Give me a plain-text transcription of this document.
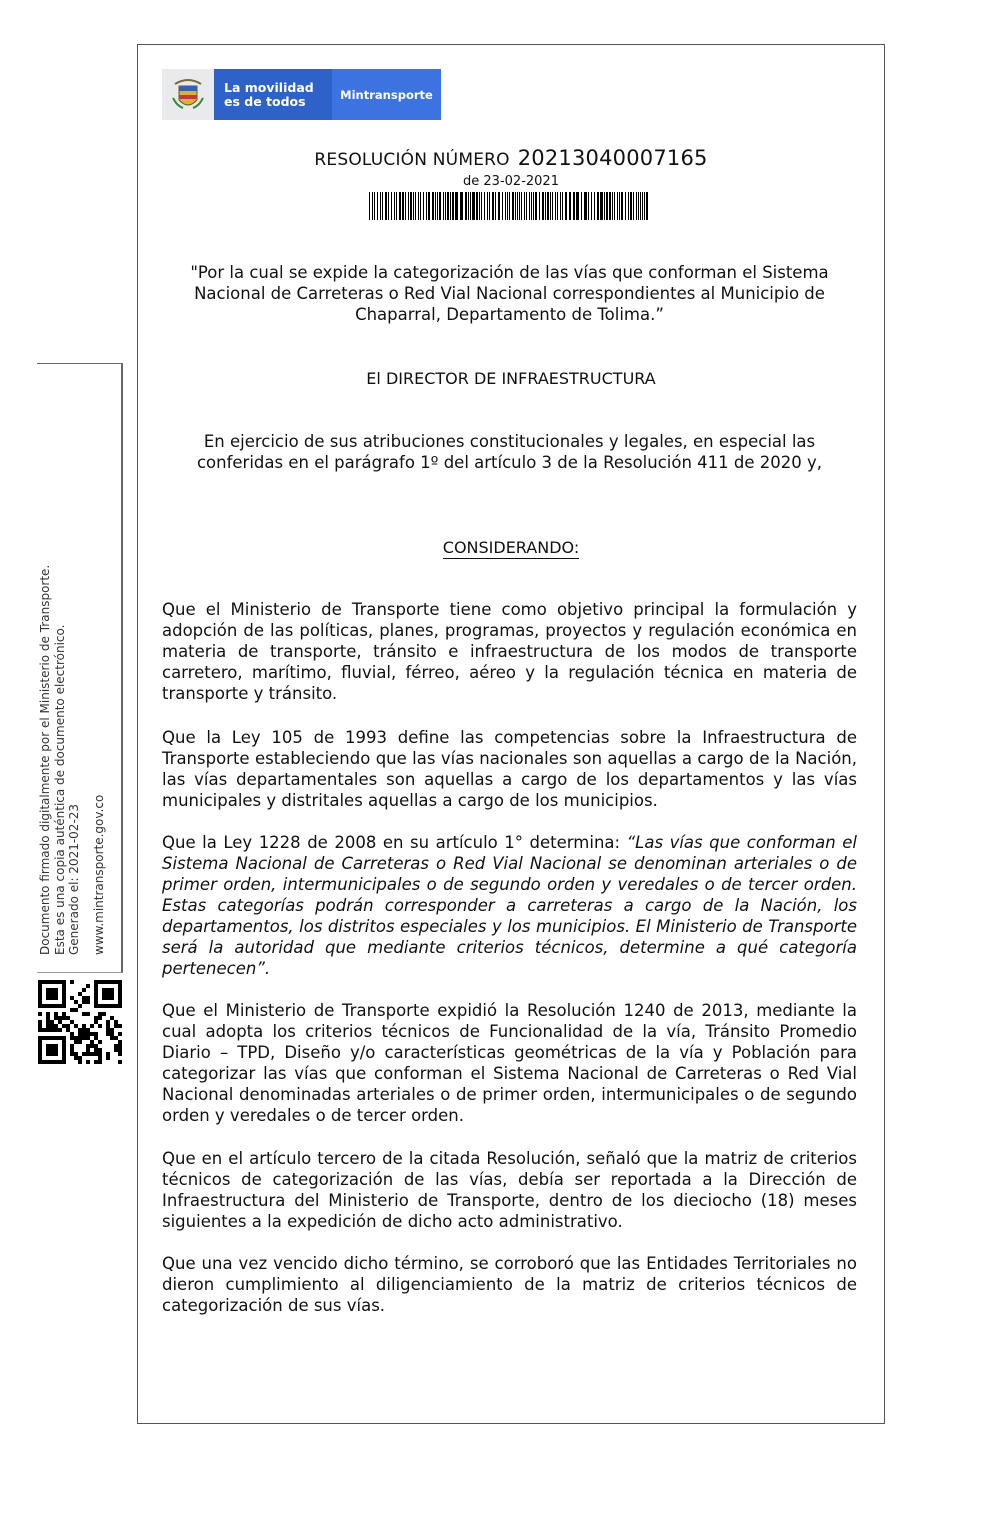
La movilidad
es de todos	Mintransporte
RESOLUCIÓN NÚMERO 20213040007165
de 23-02-2021
"Por la cual se expide la categorización de las vías que conforman el Sistema Nacional de Carreteras o Red Vial Nacional correspondientes al Municipio de Chaparral, Departamento de Tolima.”
El DIRECTOR DE INFRAESTRUCTURA
En ejercicio de sus atribuciones constitucionales y legales, en especial las conferidas en el parágrafo 1º del artículo 3 de la Resolución 411 de 2020 y,
CONSIDERANDO:
Que el Ministerio de Transporte tiene como objetivo principal la formulación y adopción de las políticas, planes, programas, proyectos y regulación económica en materia de transporte, tránsito e infraestructura de los modos de transporte carretero, marítimo, fluvial, férreo, aéreo y la regulación técnica en materia de transporte y tránsito.
Que la Ley 105 de 1993 define las competencias sobre la Infraestructura de Transporte estableciendo que las vías nacionales son aquellas a cargo de la Nación, las vías departamentales son aquellas a cargo de los departamentos y las vías municipales y distritales aquellas a cargo de los municipios.
Que la Ley 1228 de 2008 en su artículo 1° determina: “Las vías que conforman el Sistema Nacional de Carreteras o Red Vial Nacional se denominan arteriales o de primer orden, intermunicipales o de segundo orden y veredales o de tercer orden. Estas categorías podrán corresponder a carreteras a cargo de la Nación, los departamentos, los distritos especiales y los municipios. El Ministerio de Transporte será la autoridad que mediante criterios técnicos, determine a qué categoría pertenecen”.
Que el Ministerio de Transporte expidió la Resolución 1240 de 2013, mediante la cual adopta los criterios técnicos de Funcionalidad de la vía, Tránsito Promedio Diario – TPD, Diseño y/o características geométricas de la vía y Población para categorizar las vías que conforman el Sistema Nacional de Carreteras o Red Vial Nacional denominadas arteriales o de primer orden, intermunicipales o de segundo orden y veredales o de tercer orden.
Que en el artículo tercero de la citada Resolución, señaló que la matriz de criterios técnicos de categorización de las vías, debía ser reportada a la Dirección de Infraestructura del Ministerio de Transporte, dentro de los dieciocho (18) meses siguientes a la expedición de dicho acto administrativo.
Que una vez vencido dicho término, se corroboró que las Entidades Territoriales no dieron cumplimiento al diligenciamiento de la matriz de criterios técnicos de categorización de sus vías.
Documento firmado digitalmente por el Ministerio de Transporte. Esta es una copia auténtica de documento electrónico. Generado el: 2021-02-23 www.mintransporte.gov.co
